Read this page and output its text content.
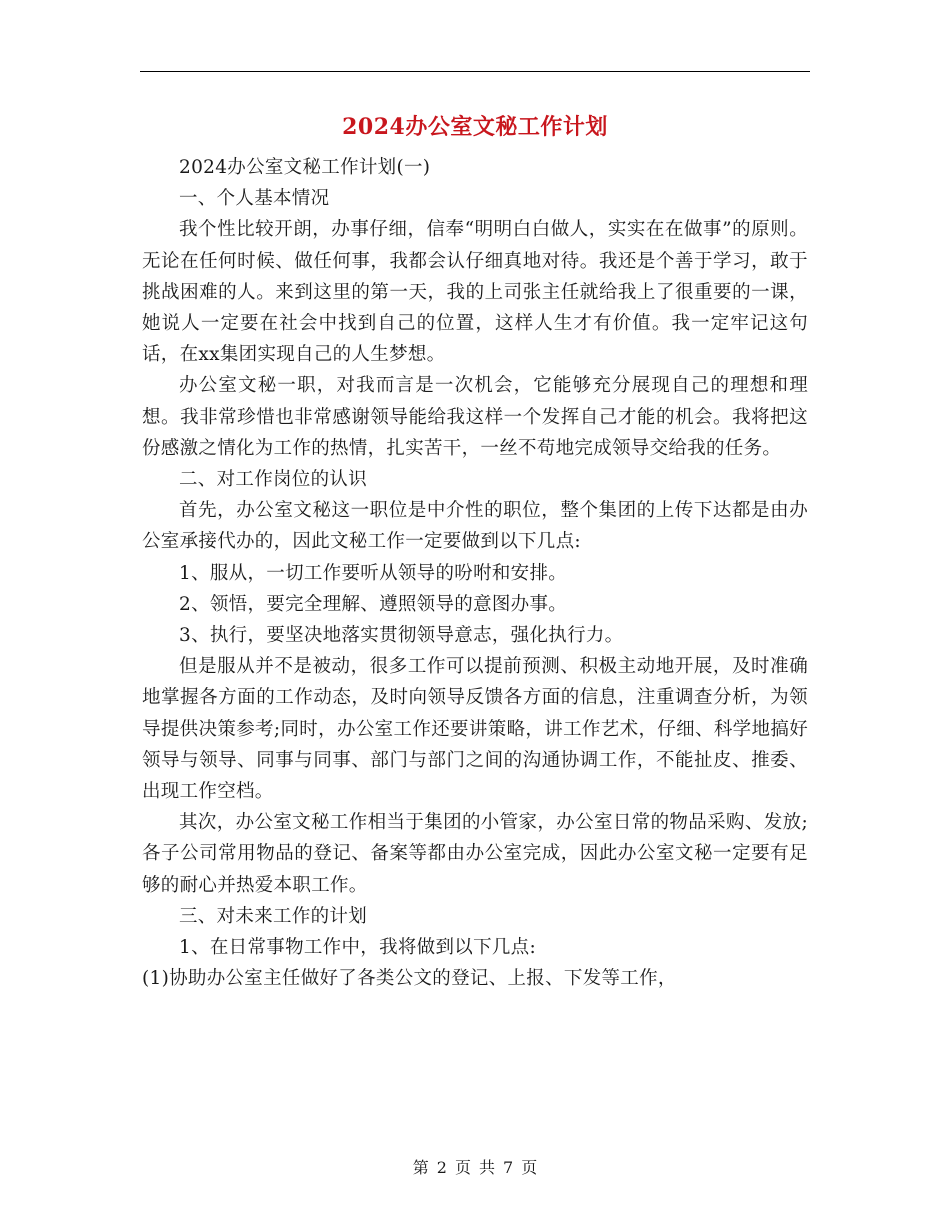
2024办公室文秘工作计划

2024办公室文秘工作计划(一)

一、个人基本情况

我个性比较开朗，办事仔细，信奉“明明白白做人，实实在在做事”的原则。无论在任何时候、做任何事，我都会认仔细真地对待。我还是个善于学习，敢于挑战困难的人。来到这里的第一天，我的上司张主任就给我上了很重要的一课，她说人一定要在社会中找到自己的位置，这样人生才有价值。我一定牢记这句话，在xx集团实现自己的人生梦想。

办公室文秘一职，对我而言是一次机会，它能够充分展现自己的理想和理想。我非常珍惜也非常感谢领导能给我这样一个发挥自己才能的机会。我将把这份感激之情化为工作的热情，扎实苦干，一丝不苟地完成领导交给我的任务。

二、对工作岗位的认识

首先，办公室文秘这一职位是中介性的职位，整个集团的上传下达都是由办公室承接代办的，因此文秘工作一定要做到以下几点:

1、服从，一切工作要听从领导的吩咐和安排。

2、领悟，要完全理解、遵照领导的意图办事。

3、执行，要坚决地落实贯彻领导意志，强化执行力。

但是服从并不是被动，很多工作可以提前预测、积极主动地开展，及时准确地掌握各方面的工作动态，及时向领导反馈各方面的信息，注重调查分析，为领导提供决策参考;同时，办公室工作还要讲策略，讲工作艺术，仔细、科学地搞好领导与领导、同事与同事、部门与部门之间的沟通协调工作，不能扯皮、推委、出现工作空档。

其次，办公室文秘工作相当于集团的小管家，办公室日常的物品采购、发放;各子公司常用物品的登记、备案等都由办公室完成，因此办公室文秘一定要有足够的耐心并热爱本职工作。

三、对未来工作的计划

1、在日常事物工作中，我将做到以下几点:

(1)协助办公室主任做好了各类公文的登记、上报、下发等工作，

第 2 页 共 7 页
